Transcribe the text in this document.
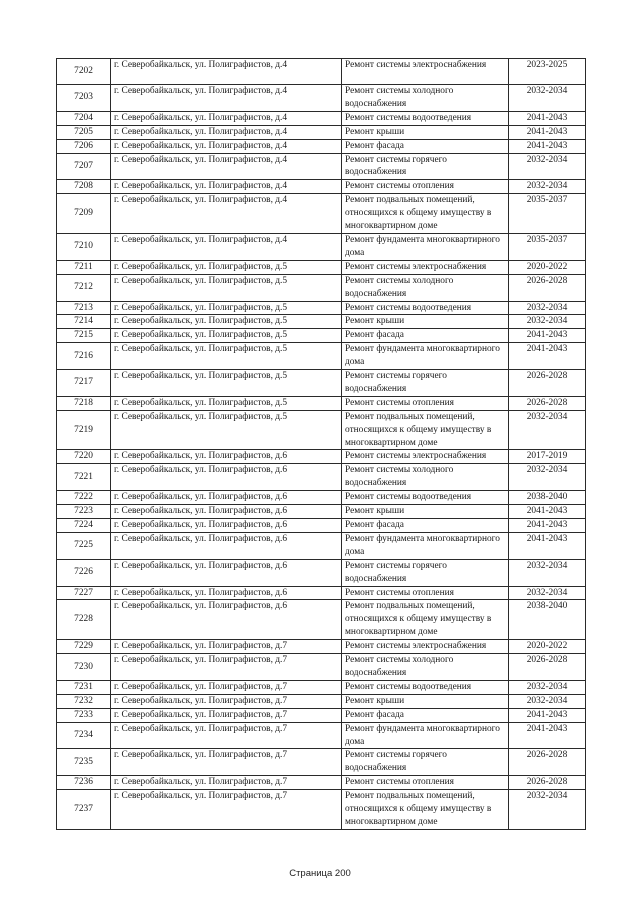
7202	г. Северобайкальск, ул. Полиграфистов, д.4	Ремонт системы электроснабжения	2023-2025
7203	г. Северобайкальск, ул. Полиграфистов, д.4	Ремонт системы холодного водоснабжения	2032-2034
7204	г. Северобайкальск, ул. Полиграфистов, д.4	Ремонт системы водоотведения	2041-2043
7205	г. Северобайкальск, ул. Полиграфистов, д.4	Ремонт крыши	2041-2043
7206	г. Северобайкальск, ул. Полиграфистов, д.4	Ремонт фасада	2041-2043
7207	г. Северобайкальск, ул. Полиграфистов, д.4	Ремонт системы горячего водоснабжения	2032-2034
7208	г. Северобайкальск, ул. Полиграфистов, д.4	Ремонт системы отопления	2032-2034
7209	г. Северобайкальск, ул. Полиграфистов, д.4	Ремонт подвальных помещений, относящихся к общему имуществу в многоквартирном доме	2035-2037
7210	г. Северобайкальск, ул. Полиграфистов, д.4	Ремонт фундамента многоквартирного дома	2035-2037
7211	г. Северобайкальск, ул. Полиграфистов, д.5	Ремонт системы электроснабжения	2020-2022
7212	г. Северобайкальск, ул. Полиграфистов, д.5	Ремонт системы холодного водоснабжения	2026-2028
7213	г. Северобайкальск, ул. Полиграфистов, д.5	Ремонт системы водоотведения	2032-2034
7214	г. Северобайкальск, ул. Полиграфистов, д.5	Ремонт крыши	2032-2034
7215	г. Северобайкальск, ул. Полиграфистов, д.5	Ремонт фасада	2041-2043
7216	г. Северобайкальск, ул. Полиграфистов, д.5	Ремонт фундамента многоквартирного дома	2041-2043
7217	г. Северобайкальск, ул. Полиграфистов, д.5	Ремонт системы горячего водоснабжения	2026-2028
7218	г. Северобайкальск, ул. Полиграфистов, д.5	Ремонт системы отопления	2026-2028
7219	г. Северобайкальск, ул. Полиграфистов, д.5	Ремонт подвальных помещений, относящихся к общему имуществу в многоквартирном доме	2032-2034
7220	г. Северобайкальск, ул. Полиграфистов, д.6	Ремонт системы электроснабжения	2017-2019
7221	г. Северобайкальск, ул. Полиграфистов, д.6	Ремонт системы холодного водоснабжения	2032-2034
7222	г. Северобайкальск, ул. Полиграфистов, д.6	Ремонт системы водоотведения	2038-2040
7223	г. Северобайкальск, ул. Полиграфистов, д.6	Ремонт крыши	2041-2043
7224	г. Северобайкальск, ул. Полиграфистов, д.6	Ремонт фасада	2041-2043
7225	г. Северобайкальск, ул. Полиграфистов, д.6	Ремонт фундамента многоквартирного дома	2041-2043
7226	г. Северобайкальск, ул. Полиграфистов, д.6	Ремонт системы горячего водоснабжения	2032-2034
7227	г. Северобайкальск, ул. Полиграфистов, д.6	Ремонт системы отопления	2032-2034
7228	г. Северобайкальск, ул. Полиграфистов, д.6	Ремонт подвальных помещений, относящихся к общему имуществу в многоквартирном доме	2038-2040
7229	г. Северобайкальск, ул. Полиграфистов, д.7	Ремонт системы электроснабжения	2020-2022
7230	г. Северобайкальск, ул. Полиграфистов, д.7	Ремонт системы холодного водоснабжения	2026-2028
7231	г. Северобайкальск, ул. Полиграфистов, д.7	Ремонт системы водоотведения	2032-2034
7232	г. Северобайкальск, ул. Полиграфистов, д.7	Ремонт крыши	2032-2034
7233	г. Северобайкальск, ул. Полиграфистов, д.7	Ремонт фасада	2041-2043
7234	г. Северобайкальск, ул. Полиграфистов, д.7	Ремонт фундамента многоквартирного дома	2041-2043
7235	г. Северобайкальск, ул. Полиграфистов, д.7	Ремонт системы горячего водоснабжения	2026-2028
7236	г. Северобайкальск, ул. Полиграфистов, д.7	Ремонт системы отопления	2026-2028
7237	г. Северобайкальск, ул. Полиграфистов, д.7	Ремонт подвальных помещений, относящихся к общему имуществу в многоквартирном доме	2032-2034
Страница 200
